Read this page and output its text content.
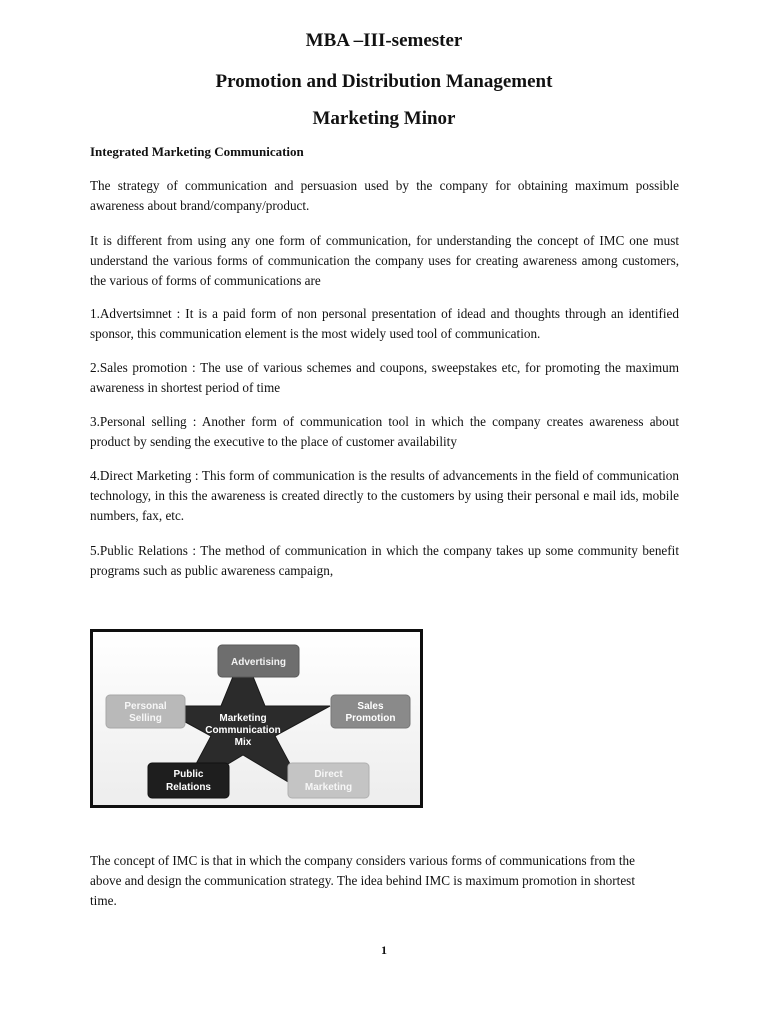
MBA –III-semester
Promotion and Distribution Management
Marketing Minor

Integrated Marketing Communication

The strategy of communication and persuasion used by the company for obtaining maximum possible awareness about brand/company/product.

It is different from using any one form of communication, for understanding the concept of IMC one must understand the various forms of communication the company uses for creating awareness among customers, the various of forms of communications are

1.Advertsimnet : It is a paid form of non personal presentation of idead and thoughts through an identified sponsor, this communication element is the most widely used tool of communication.

2.Sales promotion : The use of various schemes and coupons, sweepstakes etc, for promoting the maximum awareness in shortest period of time

3.Personal selling : Another form of communication tool in which the company creates awareness about product by sending the executive to the place of customer availability

4.Direct Marketing : This form of communication is the results of advancements in the field of communication technology, in this the awareness is created directly to the customers by using their personal e mail ids, mobile numbers, fax, etc.

5.Public Relations : The method of communication in which the company takes up some community benefit programs such as public awareness campaign,

Marketing
Communication
Mix
Advertising
Personal
Selling
Sales
Promotion
Public
Relations
Direct
Marketing

The concept of IMC is that in which the company considers various forms of communications from the above and design the communication strategy. The idea behind IMC is maximum promotion in shortest time.

1
